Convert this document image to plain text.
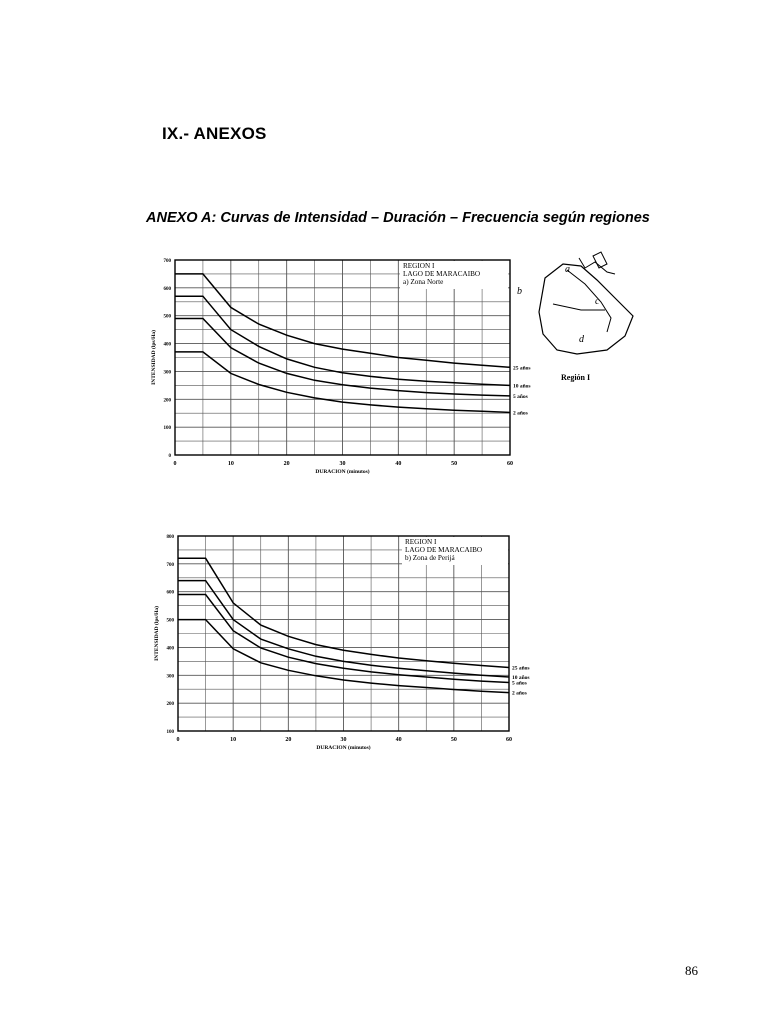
IX.- ANEXOS
ANEXO A: Curvas de Intensidad – Duración – Frecuencia según regiones
0	10	20	30	40	50	60
0
100
200
300
400
500
600
700
DURACION (minutos)
INTENSIDAD (lps/Ha)	25 años
10 años
5 años
2 años
REGION I
LAGO DE MARACAIBO
a) Zona Norte
a
b
c
d
Región I
0	10	20	30	40	50	60
100
200
300
400
500
600
700
800
DURACION (minutos)
INTENSIDAD (lps/Ha)
25 años
10 años
5 años
2 años
REGION I
LAGO DE MARACAIBO
b) Zona de Perijá
86
